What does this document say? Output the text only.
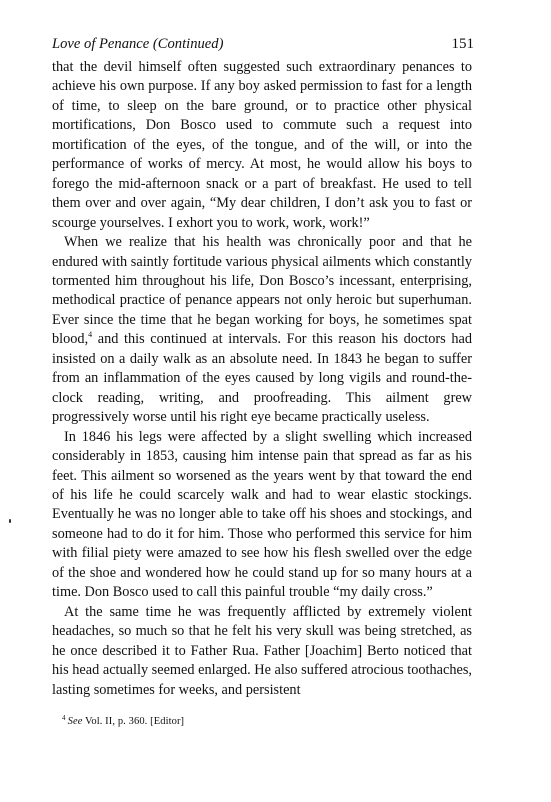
Love of Penance (Continued)	151

that the devil himself often suggested such extraordinary penances to achieve his own purpose. If any boy asked permission to fast for a length of time, to sleep on the bare ground, or to practice other physical mortifications, Don Bosco used to commute such a request into mortification of the eyes, of the tongue, and of the will, or into the performance of works of mercy. At most, he would allow his boys to forego the mid-afternoon snack or a part of breakfast. He used to tell them over and over again, “My dear children, I don’t ask you to fast or scourge yourselves. I exhort you to work, work, work!”

When we realize that his health was chronically poor and that he endured with saintly fortitude various physical ailments which constantly tormented him throughout his life, Don Bosco’s incessant, enterprising, methodical practice of penance appears not only heroic but superhuman. Ever since the time that he began working for boys, he sometimes spat blood,$^4$ and this continued at intervals. For this reason his doctors had insisted on a daily walk as an absolute need. In 1843 he began to suffer from an inflammation of the eyes caused by long vigils and round-the-clock reading, writing, and proofreading. This ailment grew progressively worse until his right eye became practically useless.

In 1846 his legs were affected by a slight swelling which increased considerably in 1853, causing him intense pain that spread as far as his feet. This ailment so worsened as the years went by that toward the end of his life he could scarcely walk and had to wear elastic stockings. Eventually he was no longer able to take off his shoes and stockings, and someone had to do it for him. Those who performed this service for him with filial piety were amazed to see how his flesh swelled over the edge of the shoe and wondered how he could stand up for so many hours at a time. Don Bosco used to call this painful trouble “my daily cross.”

At the same time he was frequently afflicted by extremely violent headaches, so much so that he felt his very skull was being stretched, as he once described it to Father Rua. Father [Joachim] Berto noticed that his head actually seemed enlarged. He also suffered atrocious toothaches, lasting sometimes for weeks, and persistent

$^4$ See Vol. II, p. 360. [Editor]
